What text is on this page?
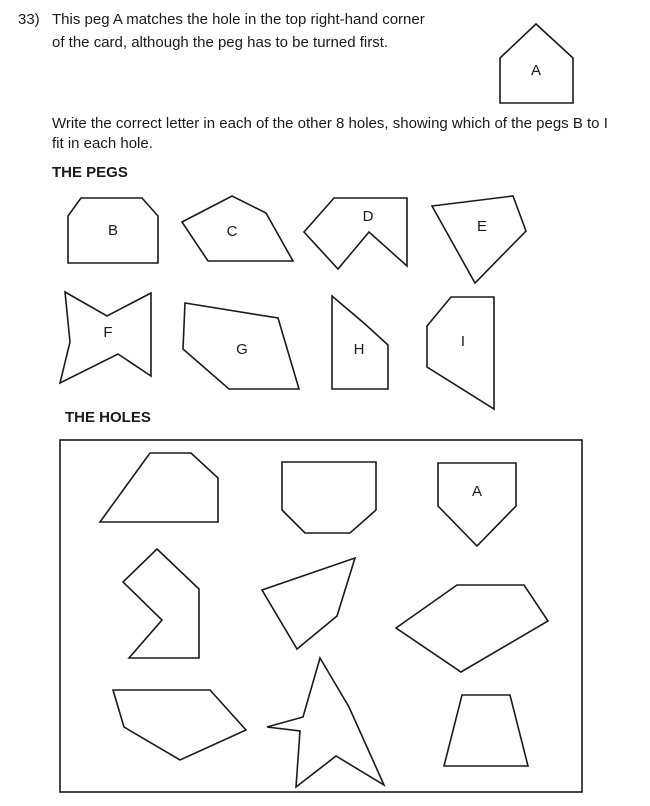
33) This peg A matches the hole in the top right-hand corner
of the card, although the peg has to be turned first.
Write the correct letter in each of the other 8 holes, showing which of the pegs B to I
fit in each hole.
THE PEGS
THE HOLES
A
B	C
D
E
F
G	H	I
A
